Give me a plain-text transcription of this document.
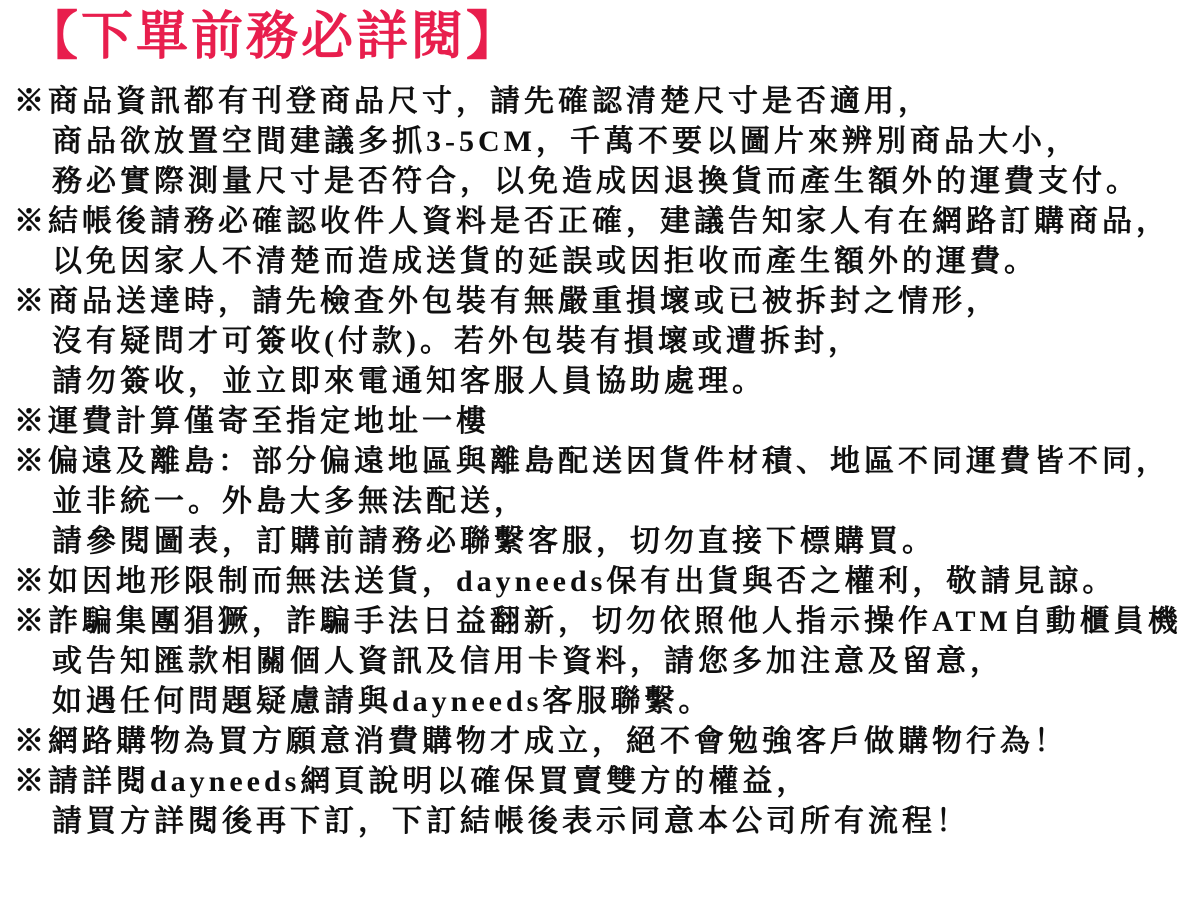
【下單前務必詳閱】
※商品資訊都有刊登商品尺寸，請先確認清楚尺寸是否適用，
商品欲放置空間建議多抓3-5CM，千萬不要以圖片來辨別商品大小，
務必實際測量尺寸是否符合，以免造成因退換貨而產生額外的運費支付。
※結帳後請務必確認收件人資料是否正確，建議告知家人有在網路訂購商品，
以免因家人不清楚而造成送貨的延誤或因拒收而產生額外的運費。
※商品送達時，請先檢查外包裝有無嚴重損壞或已被拆封之情形，
沒有疑問才可簽收(付款)。若外包裝有損壞或遭拆封，
請勿簽收，並立即來電通知客服人員協助處理。
※運費計算僅寄至指定地址一樓
※偏遠及離島：部分偏遠地區與離島配送因貨件材積、地區不同運費皆不同，
並非統一。外島大多無法配送，
請參閱圖表，訂購前請務必聯繫客服，切勿直接下標購買。
※如因地形限制而無法送貨，dayneeds保有出貨與否之權利，敬請見諒。
※詐騙集團猖獗，詐騙手法日益翻新，切勿依照他人指示操作ATM自動櫃員機
或告知匯款相關個人資訊及信用卡資料，請您多加注意及留意，
如遇任何問題疑慮請與dayneeds客服聯繫。
※網路購物為買方願意消費購物才成立，絕不會勉強客戶做購物行為！
※請詳閱dayneeds網頁說明以確保買賣雙方的權益，
請買方詳閱後再下訂，下訂結帳後表示同意本公司所有流程！
